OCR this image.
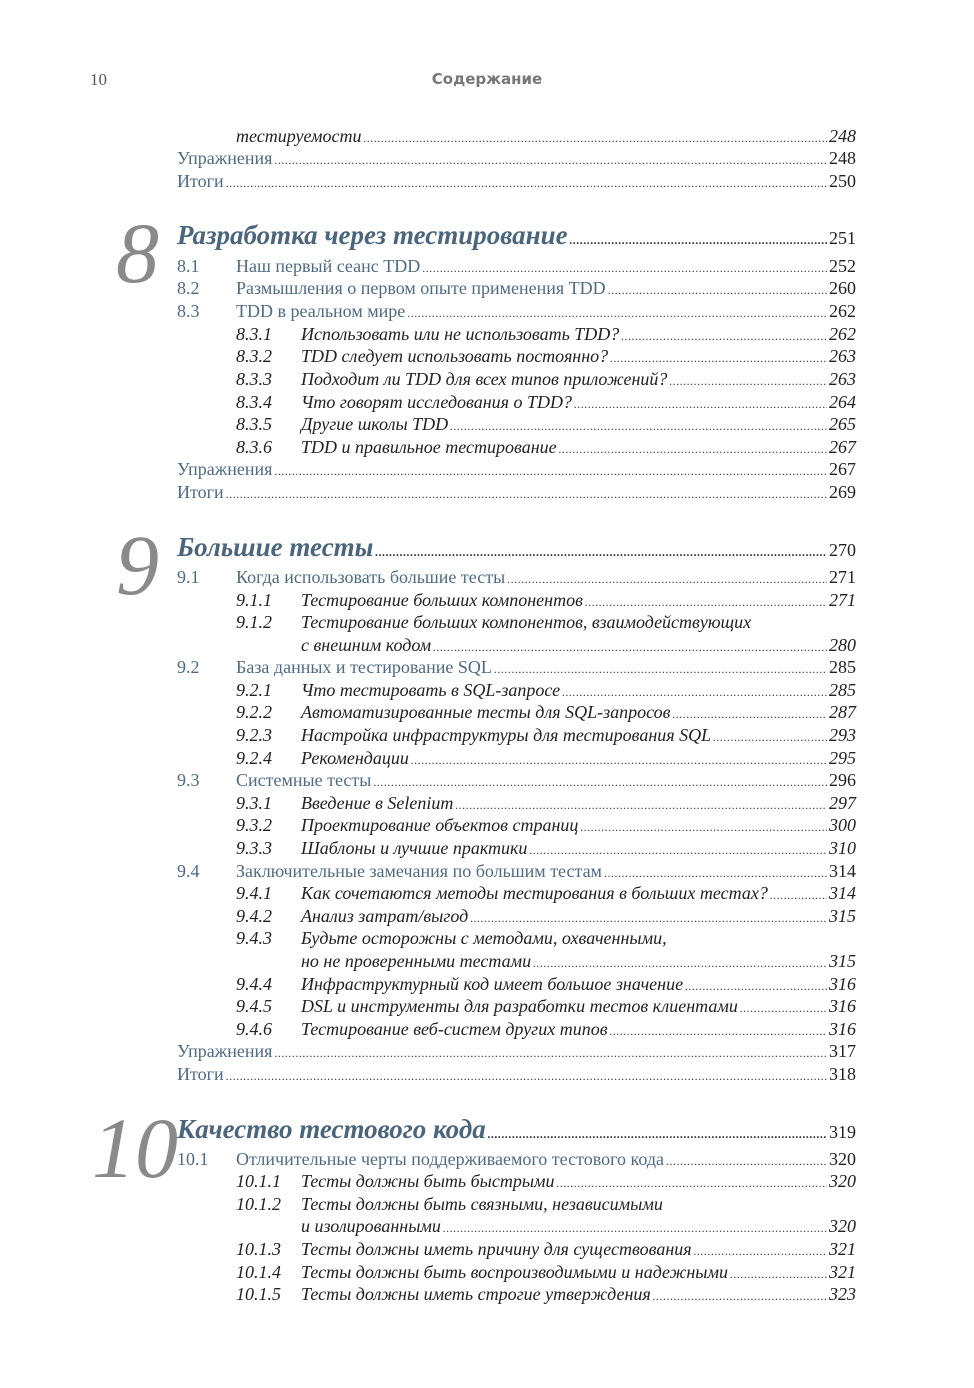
10	Содержание
тестируемости .....	248
Упражнения .....	248
Итоги .....	250
8 Разработка через тестирование .....	251
8.1	Наш первый сеанс TDD .....	252
8.2	Размышления о первом опыте применения TDD .....	260
8.3	TDD в реальном мире .....	262
8.3.1	Использовать или не использовать TDD? .....	262
8.3.2	TDD следует использовать постоянно? .....	263
8.3.3	Подходит ли TDD для всех типов приложений? .....	263
8.3.4	Что говорят исследования о TDD? .....	264
8.3.5	Другие школы TDD .....	265
8.3.6	TDD и правильное тестирование .....	267
Упражнения .....	267
Итоги .....	269
9 Большие тесты .....	270
9.1	Когда использовать большие тесты .....	271
9.1.1	Тестирование больших компонентов .....	271
9.1.2 Тестирование больших компонентов, взаимодействующих
с внешним кодом .....	280
9.2	База данных и тестирование SQL .....	285
9.2.1	Что тестировать в SQL-запросе .....	285
9.2.2	Автоматизированные тесты для SQL-запросов .....	287
9.2.3	Настройка инфраструктуры для тестирования SQL .....	293
9.2.4	Рекомендации .....	295
9.3	Системные тесты .....	296
9.3.1	Введение в Selenium .....	297
9.3.2	Проектирование объектов страниц .....	300
9.3.3	Шаблоны и лучшие практики .....	310
9.4	Заключительные замечания по большим тестам .....	314
9.4.1	Как сочетаются методы тестирования в больших тестах? .....	314
9.4.2	Анализ затрат/выгод .....	315
9.4.3 Будьте осторожны с методами, охваченными,
но не проверенными тестами .....	315
9.4.4	Инфраструктурный код имеет большое значение .....	316
9.4.5	DSL и инструменты для разработки тестов клиентами .....	316
9.4.6	Тестирование веб-систем других типов .....	316
Упражнения .....	317
Итоги .....	318
10 Качество тестового кода .....	319
10.1	Отличительные черты поддерживаемого тестового кода .....	320
10.1.1	Тесты должны быть быстрыми .....	320
10.1.2 Тесты должны быть связными, независимыми
и изолированными .....	320
10.1.3	Тесты должны иметь причину для существования .....	321
10.1.4	Тесты должны быть воспроизводимыми и надежными .....	321
10.1.5	Тесты должны иметь строгие утверждения .....	323
